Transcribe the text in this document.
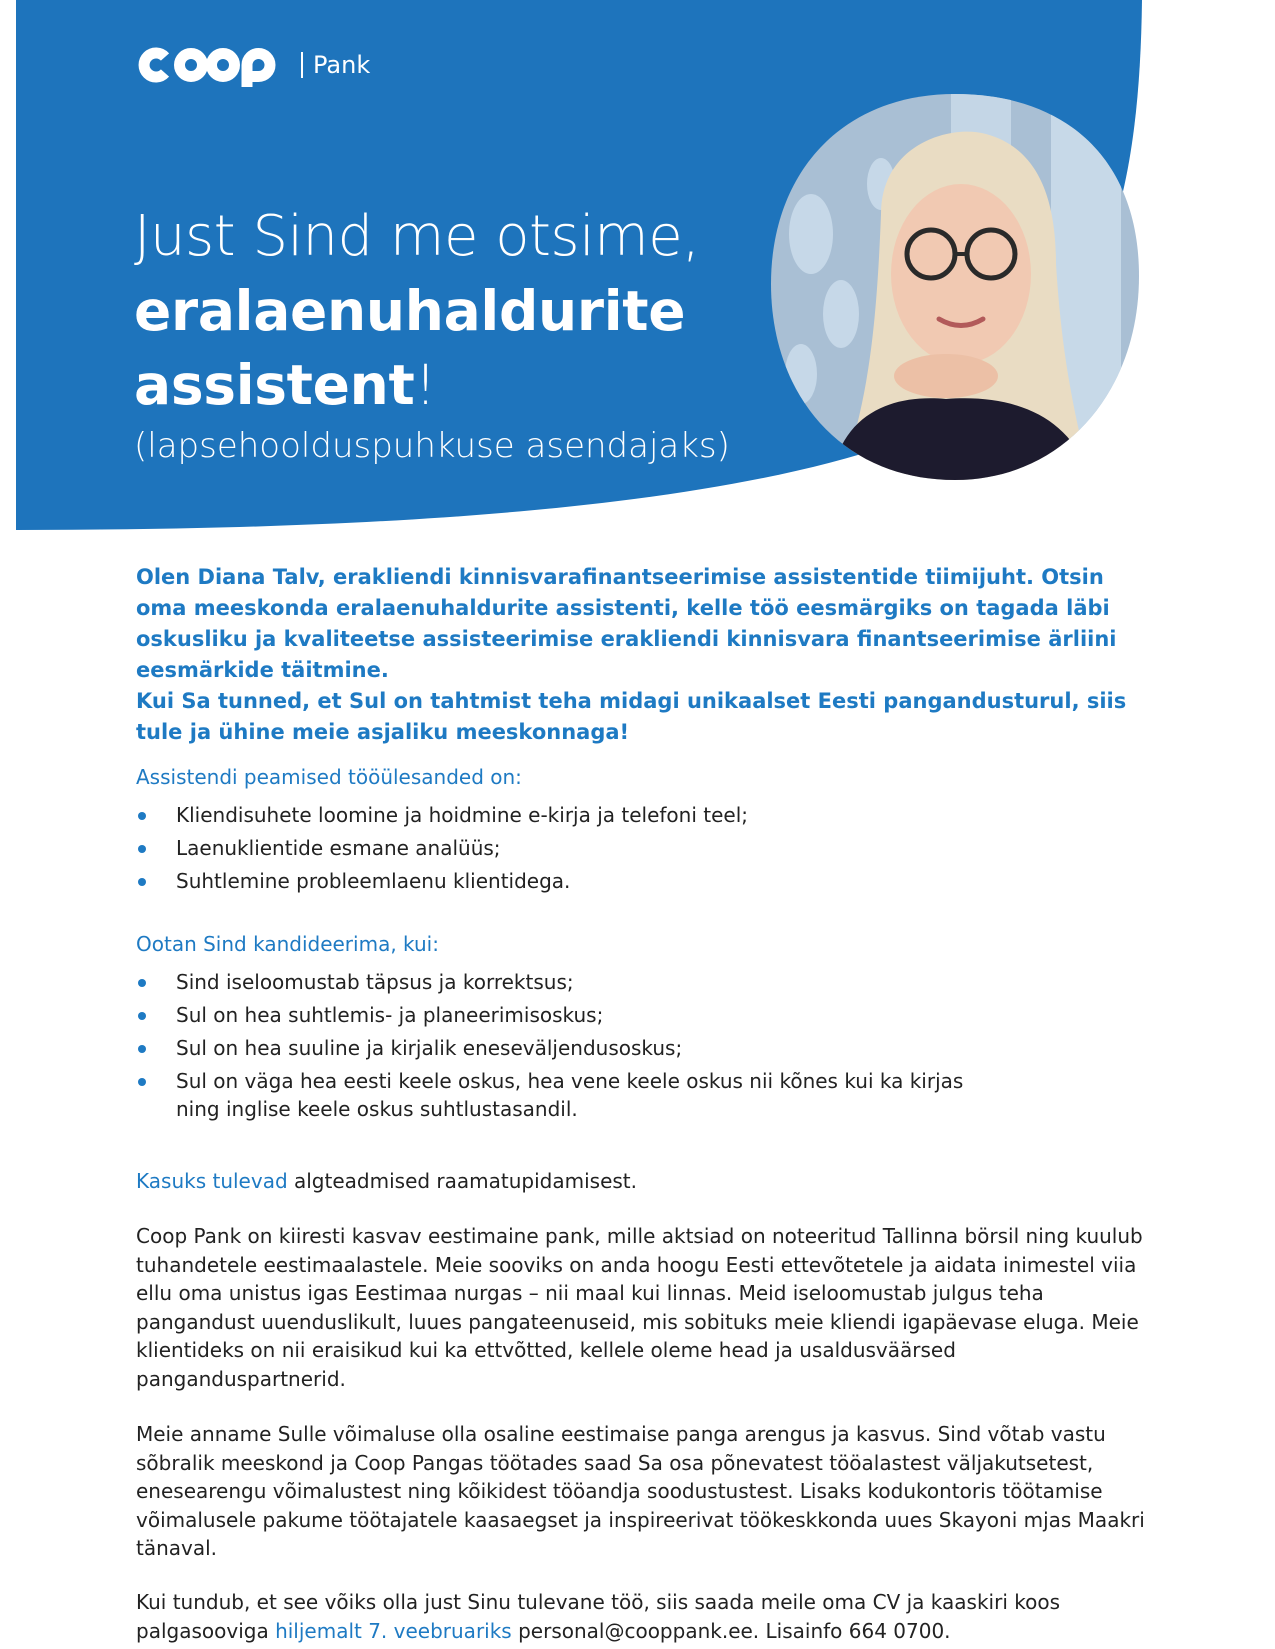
Pank
Just Sind me otsime,
eralaenuhaldurite
assistent!
(lapsehoolduspuhkuse asendajaks)

Olen Diana Talv, erakliendi kinnisvarafinantseerimise assistentide tiimijuht. Otsin oma meeskonda eralaenuhaldurite assistenti, kelle töö eesmärgiks on tagada läbi oskusliku ja kvaliteetse assisteerimise erakliendi kinnisvara finantseerimise ärliini eesmärkide täitmine.

Kui Sa tunned, et Sul on tahtmist teha midagi unikaalset Eesti pangandusturul, siis tule ja ühine meie asjaliku meeskonnaga!

Assistendi peamised tööülesanded on:

Kliendisuhete loomine ja hoidmine e-kirja ja telefoni teel;
Laenuklientide esmane analüüs;
Suhtlemine probleemlaenu klientidega.

Ootan Sind kandideerima, kui:

Sind iseloomustab täpsus ja korrektsus;
Sul on hea suhtlemis- ja planeerimisoskus;
Sul on hea suuline ja kirjalik eneseväljendusoskus;
Sul on väga hea eesti keele oskus, hea vene keele oskus nii kõnes kui ka kirjas ning inglise keele oskus suhtlustasandil.

Kasuks tulevad algteadmised raamatupidamisest.

Coop Pank on kiiresti kasvav eestimaine pank, mille aktsiad on noteeritud Tallinna börsil ning kuulub tuhandetele eestimaalastele. Meie sooviks on anda hoogu Eesti ettevõtetele ja aidata inimestel viia ellu oma unistus igas Eestimaa nurgas – nii maal kui linnas. Meid iseloomustab julgus teha pangandust uuenduslikult, luues pangateenuseid, mis sobituks meie kliendi igapäevase eluga. Meie klientideks on nii eraisikud kui ka ettvõtted, kellele oleme head ja usaldusväärsed panganduspartnerid.

Meie anname Sulle võimaluse olla osaline eestimaise panga arengus ja kasvus. Sind võtab vastu sõbralik meeskond ja Coop Pangas töötades saad Sa osa põnevatest tööalastest väljakutsetest, enesearengu võimalustest ning kõikidest tööandja soodustustest. Lisaks kodukontoris töötamise võimalusele pakume töötajatele kaasaegset ja inspireerivat töökeskkonda uues Skayoni mjas Maakri tänaval.

Kui tundub, et see võiks olla just Sinu tulevane töö, siis saada meile oma CV ja kaaskiri koos palgasooviga hiljemalt 7. veebruariks personal@cooppank.ee. Lisainfo 664 0700.
